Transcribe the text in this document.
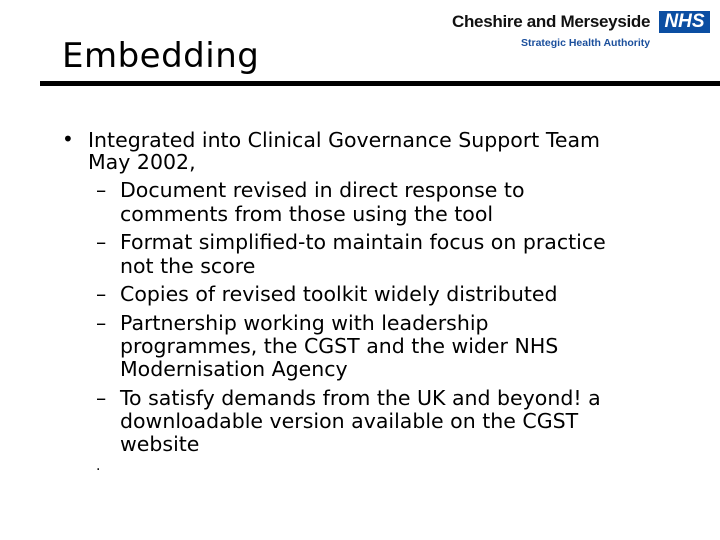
Embedding
Cheshire and Merseyside NHS
Strategic Health Authority
• Integrated into Clinical Governance Support Team
May 2002,
– Document revised in direct response to
comments from those using the tool
– Format simplified-to maintain focus on practice
not the score
– Copies of revised toolkit widely distributed
– Partnership working with leadership
programmes, the CGST and the wider NHS
Modernisation Agency
– To satisfy demands from the UK and beyond! a
downloadable version available on the CGST
website
.
